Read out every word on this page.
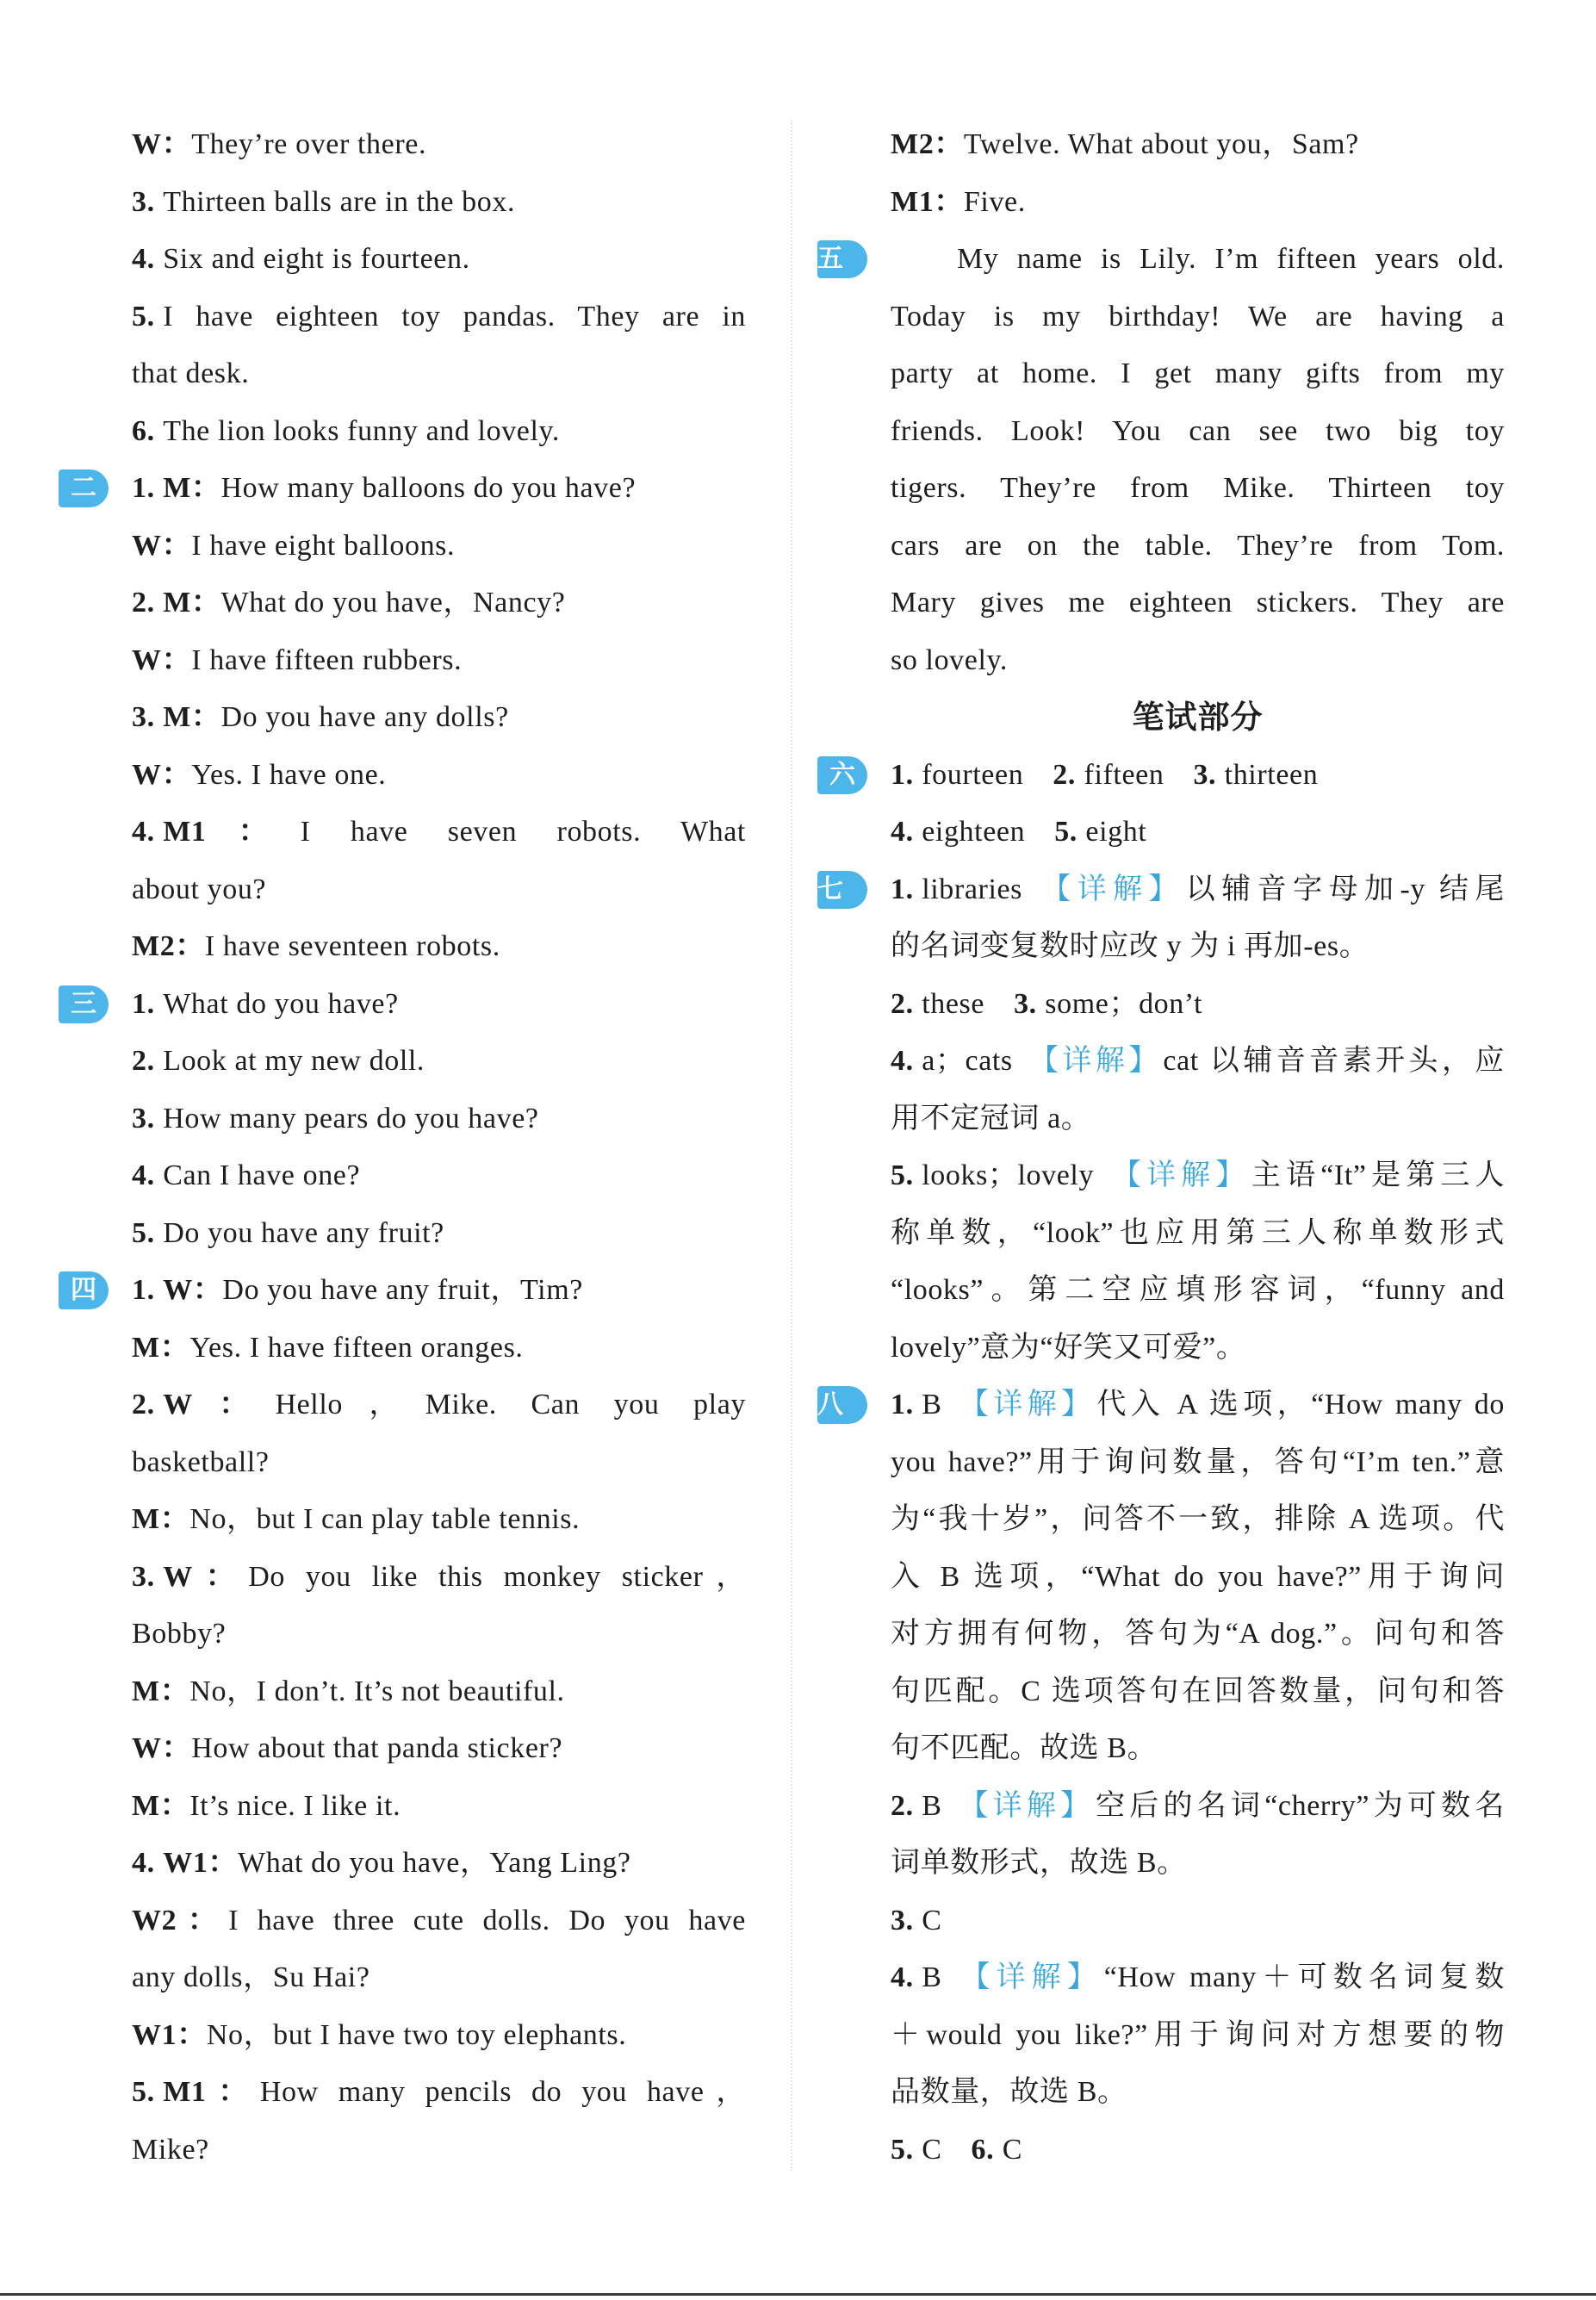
W：They’re over there.
3. Thirteen balls are in the box.
4. Six and eight is fourteen.
5. I have eighteen toy pandas. They are in
that desk.
6. The lion looks funny and lovely.
二	1. M：How many balloons do you have?
W：I have eight balloons.
2. M：What do you have，Nancy?
W：I have fifteen rubbers.
3. M：Do you have any dolls?
W：Yes. I have one.
4. M1：I have seven robots. What
about you?
M2：I have seventeen robots.
三	1. What do you have?
2. Look at my new doll.
3. How many pears do you have?
4. Can I have one?
5. Do you have any fruit?
四	1. W：Do you have any fruit，Tim?
M：Yes. I have fifteen oranges.
2. W：Hello，Mike. Can you play
basketball?
M：No，but I can play table tennis.
3. W：Do you like this monkey sticker，
Bobby?
M：No，I don’t. It’s not beautiful.
W：How about that panda sticker?
M：It’s nice. I like it.
4. W1：What do you have，Yang Ling?
W2：I have three cute dolls. Do you have
any dolls，Su Hai?
W1：No，but I have two toy elephants.
5. M1：How many pencils do you have，
Mike?
M2：Twelve. What about you，Sam?
M1：Five.
五	My name is Lily. I’m fifteen years old.
Today is my birthday! We are having a
party at home. I get many gifts from my
friends. Look! You can see two big toy
tigers. They’re from Mike. Thirteen toy
cars are on the table. They’re from Tom.
Mary gives me eighteen stickers. They are
so lovely.
笔试部分
六	1. fourteen 2. fifteen 3. thirteen
4. eighteen 5. eight
七	1. libraries 【详解】以辅音字母加-y 结尾
的名词变复数时应改 y 为 i 再加-es。
2. these 3. some；don’t
4. a；cats 【详解】cat 以辅音音素开头，应
用不定冠词 a。
5. looks；lovely 【详解】主语“It”是第三人
称单数，“look”也应用第三人称单数形式
“looks”。第二空应填形容词，“funny and
lovely”意为“好笑又可爱”。
八	1. B 【详解】代入 A 选项，“How many do
you have?”用于询问数量，答句“I’m ten.”意
为“我十岁”，问答不一致，排除 A 选项。代
入 B 选项，“What do you have?”用于询问
对方拥有何物，答句为“A dog.”。问句和答
句匹配。C 选项答句在回答数量，问句和答
句不匹配。故选 B。
2. B 【详解】空后的名词“cherry”为可数名
词单数形式，故选 B。
3. C
4. B 【详解】“How many＋可数名词复数
＋would you like?”用于询问对方想要的物
品数量，故选 B。
5. C 6. C
